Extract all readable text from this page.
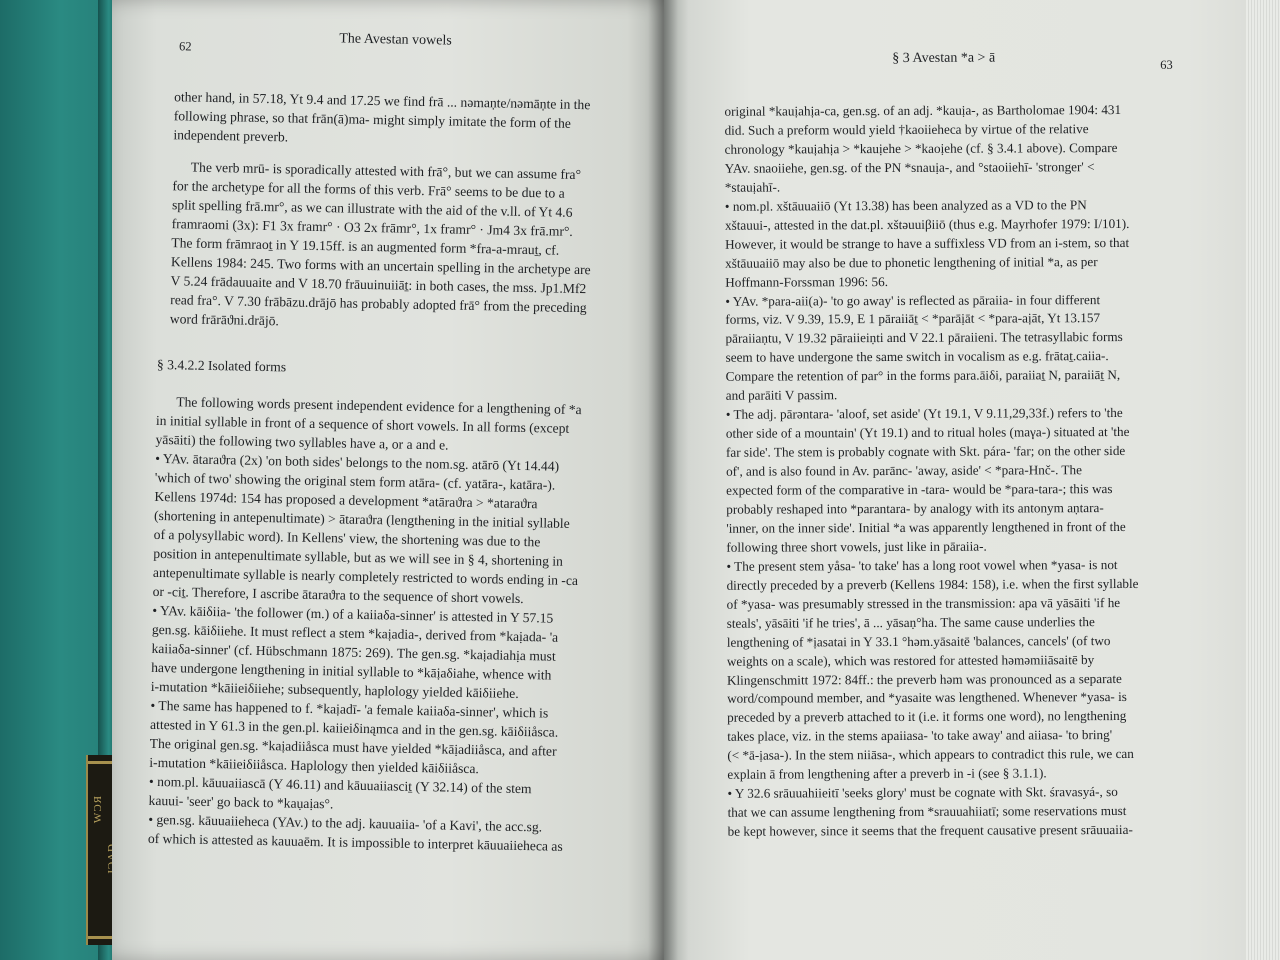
WƆЯ
62	The Avestan vowels
other hand, in 57.18, Yt 9.4 and 17.25 we find frā ... nəmaṇte/nəmāṇte in the
following phrase, so that frān(ā)ma- might simply imitate the form of the
independent preverb.
The verb mrū- is sporadically attested with frā°, but we can assume fra°
for the archetype for all the forms of this verb. Frā° seems to be due to a
split spelling frā.mr°, as we can illustrate with the aid of the v.ll. of Yt 4.6
framraomi (3x): F1 3x framr° · O3 2x frāmr°, 1x framr° · Jm4 3x frā.mr°.
The form frāmraoṯ in Y 19.15ff. is an augmented form *fra-a-mrauṯ, cf.
Kellens 1984: 245. Two forms with an uncertain spelling in the archetype are
V 5.24 frādauuaite and V 18.70 frāuuinuiiāṯ: in both cases, the mss. Jp1.Mf2
read fra°. V 7.30 frābāzu.drājō has probably adopted frā° from the preceding
word frārāϑni.drājō.
§ 3.4.2.2 Isolated forms
The following words present independent evidence for a lengthening of *a
in initial syllable in front of a sequence of short vowels. In all forms (except
yāsāiti) the following two syllables have a, or a and e.
• YAv. ātaraϑra (2x) 'on both sides' belongs to the nom.sg. atārō (Yt 14.44)
'which of two' showing the original stem form atāra- (cf. yatāra-, katāra-).
Kellens 1974d: 154 has proposed a development *atāraϑra > *ataraϑra
(shortening in antepenultimate) > ātaraϑra (lengthening in the initial syllable
of a polysyllabic word). In Kellens' view, the shortening was due to the
position in antepenultimate syllable, but as we will see in § 4, shortening in
antepenultimate syllable is nearly completely restricted to words ending in -ca
or -ciṯ. Therefore, I ascribe ātaraϑra to the sequence of short vowels.
• YAv. kāiδiia- 'the follower (m.) of a kaiiaδa-sinner' is attested in Y 57.15
gen.sg. kāiδiiehe. It must reflect a stem *kaịadia-, derived from *kaịada- 'a
kaiiaδa-sinner' (cf. Hübschmann 1875: 269). The gen.sg. *kaịadiahịa must
have undergone lengthening in initial syllable to *kāịaδiahe, whence with
i-mutation *kāiieiδiiehe; subsequently, haplology yielded kāiδiiehe.
• The same has happened to f. *kaịadī- 'a female kaiiaδa-sinner', which is
attested in Y 61.3 in the gen.pl. kaiieiδinąmca and in the gen.sg. kāiδiiåsca.
The original gen.sg. *kaịadiiåsca must have yielded *kāịadiiåsca, and after
i-mutation *kāiieiδiiåsca. Haplology then yielded kāiδiiåsca.
• nom.pl. kāuuaiiascā (Y 46.11) and kāuuaiiasciṯ (Y 32.14) of the stem
kauui- 'seer' go back to *kaụaịas°.
• gen.sg. kāuuaiieheca (YAv.) to the adj. kauuaiia- 'of a Kavi', the acc.sg.
of which is attested as kauuaēm. It is impossible to interpret kāuuaiieheca as
§ 3 Avestan *a > ā	63
original *kauịahịa-ca, gen.sg. of an adj. *kauịa-, as Bartholomae 1904: 431
did. Such a preform would yield †kaoiieheca by virtue of the relative
chronology *kauịahịa > *kauịehe > *kaoịehe (cf. § 3.4.1 above). Compare
YAv. snaoiiehe, gen.sg. of the PN *snauịa-, and °staoiiehī- 'stronger' <
*stauịahī-.
• nom.pl. xštāuuaiiō (Yt 13.38) has been analyzed as a VD to the PN
xštauui-, attested in the dat.pl. xštəuuiβiiō (thus e.g. Mayrhofer 1979: I/101).
However, it would be strange to have a suffixless VD from an i-stem, so that
xštāuuaiiō may also be due to phonetic lengthening of initial *a, as per
Hoffmann-Forssman 1996: 56.
• YAv. *para-aii(a)- 'to go away' is reflected as pāraiia- in four different
forms, viz. V 9.39, 15.9, E 1 pāraiiāṯ < *parāịāt < *para-aịāt, Yt 13.157
pāraiiaṇtu, V 19.32 pāraiieiṇti and V 22.1 pāraiieni. The tetrasyllabic forms
seem to have undergone the same switch in vocalism as e.g. frātaṯ.caiia-.
Compare the retention of par° in the forms para.āiδi, paraiiaṯ N, paraiiāṯ N,
and parāiti V passim.
• The adj. pārəntara- 'aloof, set aside' (Yt 19.1, V 9.11,29,33f.) refers to 'the
other side of a mountain' (Yt 19.1) and to ritual holes (maγa-) situated at 'the
far side'. The stem is probably cognate with Skt. pára- 'far; on the other side
of', and is also found in Av. parānc- 'away, aside' < *para-Hnč-. The
expected form of the comparative in -tara- would be *para-tara-; this was
probably reshaped into *parantara- by analogy with its antonym aṇtara-
'inner, on the inner side'. Initial *a was apparently lengthened in front of the
following three short vowels, just like in pāraiia-.
• The present stem yåsa- 'to take' has a long root vowel when *yasa- is not
directly preceded by a preverb (Kellens 1984: 158), i.e. when the first syllable
of *yasa- was presumably stressed in the transmission: apa vā yāsāiti 'if he
steals', yāsāiti 'if he tries', ā ... yāsaṇ°ha. The same cause underlies the
lengthening of *ịasatai in Y 33.1 °həm.yāsaitē 'balances, cancels' (of two
weights on a scale), which was restored for attested həmәmiiāsaitē by
Klingenschmitt 1972: 84ff.: the preverb həm was pronounced as a separate
word/compound member, and *yasaite was lengthened. Whenever *yasa- is
preceded by a preverb attached to it (i.e. it forms one word), no lengthening
takes place, viz. in the stems apaiiasa- 'to take away' and aiiasa- 'to bring'
(< *ā-ịasa-). In the stem niiāsa-, which appears to contradict this rule, we can
explain ā from lengthening after a preverb in -i (see § 3.1.1).
• Y 32.6 srāuuahiieitī 'seeks glory' must be cognate with Skt. śravasyá-, so
that we can assume lengthening from *srauuahiiatī; some reservations must
be kept however, since it seems that the frequent causative present srāuuaiia-
